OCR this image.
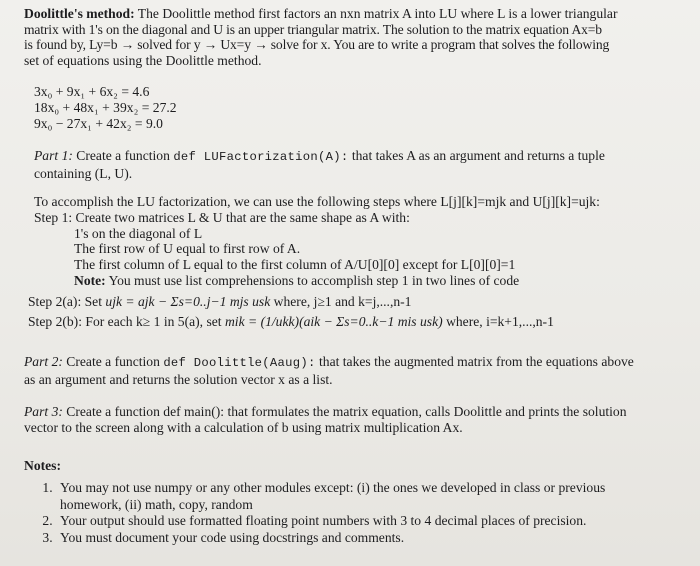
Doolittle's method: The Doolittle method first factors an nxn matrix A into LU where L is a lower triangular
matrix with 1's on the diagonal and U is an upper triangular matrix. The solution to the matrix equation Ax=b
is found by, Ly=b → solved for y → Ux=y → solve for x. You are to write a program that solves the following
set of equations using the Doolittle method.
3x₀ + 9x₁ + 6x₂ = 4.6
18x₀ + 48x₁ + 39x₂ = 27.2
9x₀ − 27x₁ + 42x₂ = 9.0
Part 1: Create a function def LUFactorization(A): that takes A as an argument and returns a tuple
containing (L, U).
To accomplish the LU factorization, we can use the following steps where L[j][k]=mjk and U[j][k]=ujk:
Step 1: Create two matrices L & U that are the same shape as A with:
1's on the diagonal of L
The first row of U equal to first row of A.
The first column of L equal to the first column of A/U[0][0] except for L[0][0]=1
Note: You must use list comprehensions to accomplish step 1 in two lines of code
Step 2(a): Set ujk = ajk − Σs=0..j−1 mjs usk where, j≥1 and k=j,...,n-1
Step 2(b): For each k≥ 1 in 5(a), set mik = (1/ukk)(aik − Σs=0..k−1 mis usk) where, i=k+1,...,n-1
Part 2: Create a function def Doolittle(Aaug): that takes the augmented matrix from the equations above
as an argument and returns the solution vector x as a list.
Part 3: Create a function def main(): that formulates the matrix equation, calls Doolittle and prints the solution
vector to the screen along with a calculation of b using matrix multiplication Ax.
Notes:
1. You may not use numpy or any other modules except: (i) the ones we developed in class or previous
homework, (ii) math, copy, random
2. Your output should use formatted floating point numbers with 3 to 4 decimal places of precision.
3. You must document your code using docstrings and comments.
